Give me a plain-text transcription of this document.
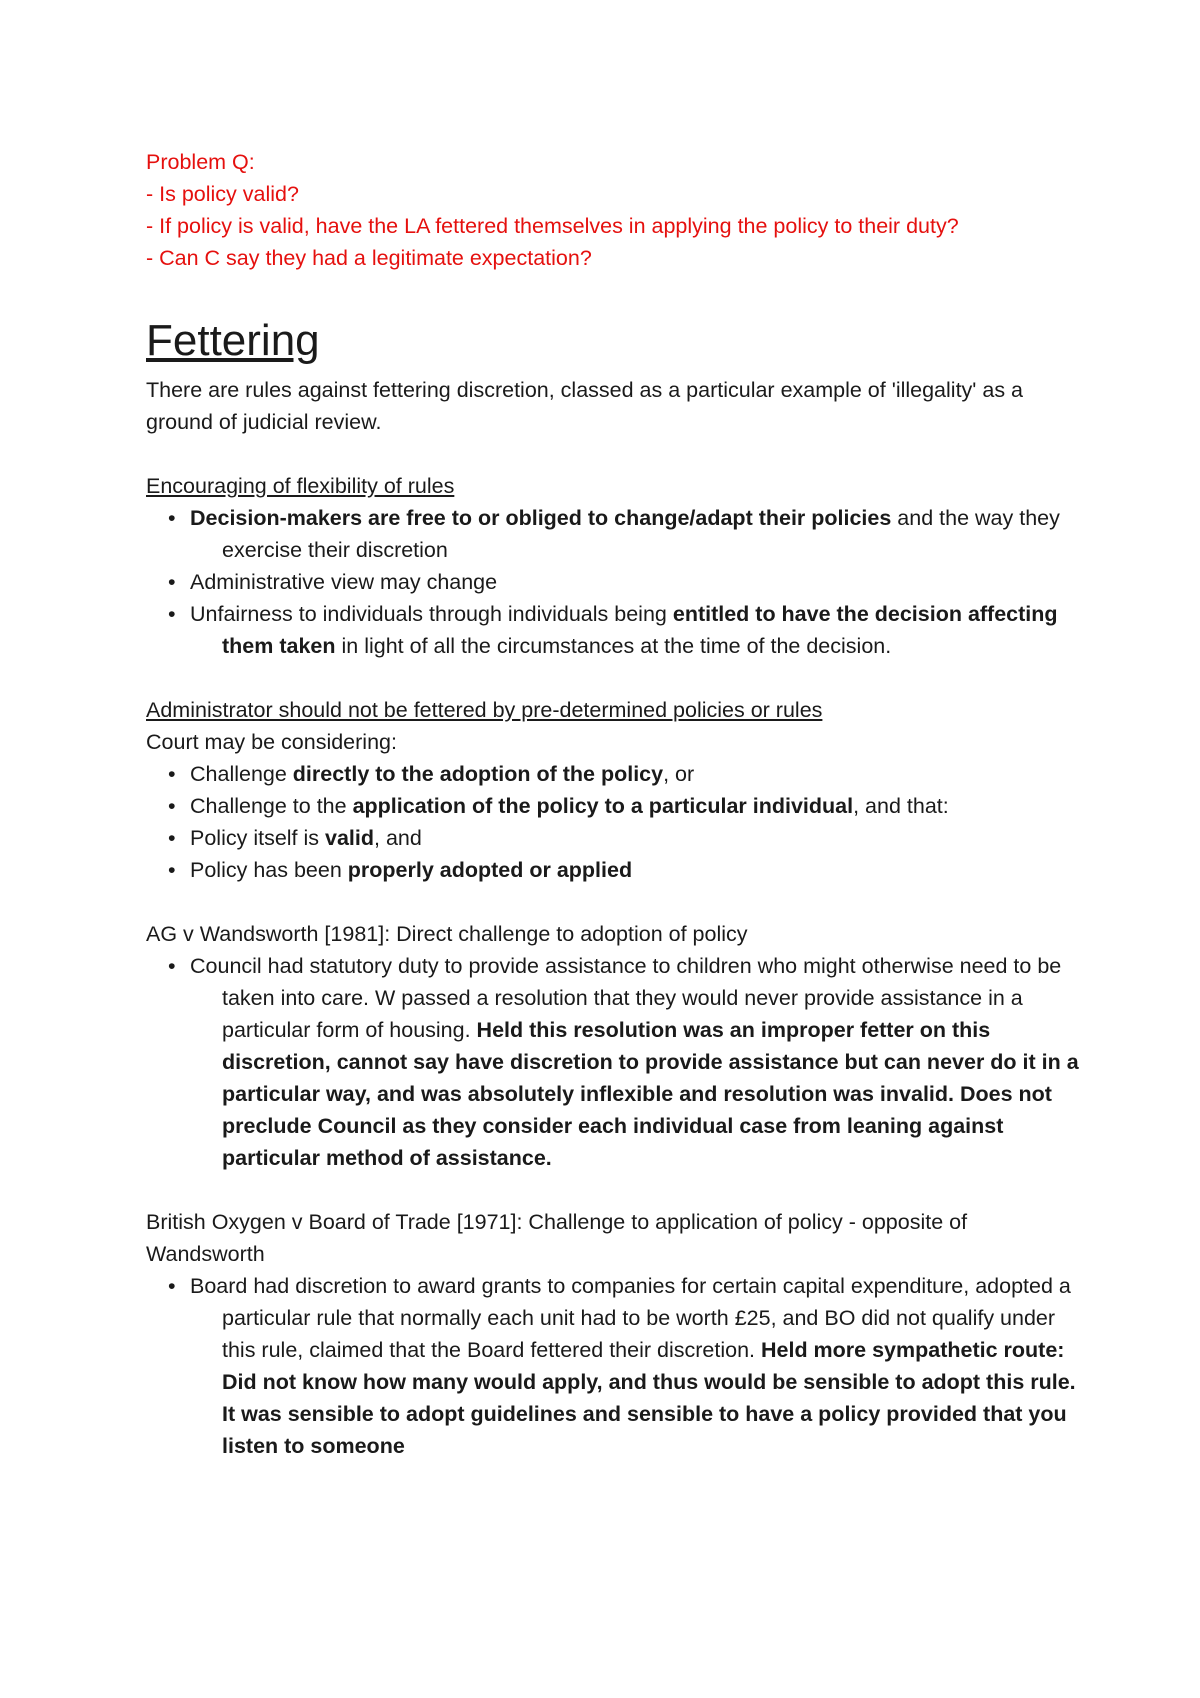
Problem Q:

- Is policy valid?

- If policy is valid, have the LA fettered themselves in applying the policy to their duty?

- Can C say they had a legitimate expectation?

Fettering

There are rules against fettering discretion, classed as a particular example of 'illegality' as a ground of judicial review.

Encouraging of flexibility of rules

• Decision-makers are free to or obliged to change/adapt their policies and the way they exercise their discretion
• Administrative view may change
• Unfairness to individuals through individuals being entitled to have the decision affecting them taken in light of all the circumstances at the time of the decision.

Administrator should not be fettered by pre-determined policies or rules

Court may be considering:

• Challenge directly to the adoption of the policy, or
• Challenge to the application of the policy to a particular individual, and that:
• Policy itself is valid, and
• Policy has been properly adopted or applied

AG v Wandsworth [1981]: Direct challenge to adoption of policy

• Council had statutory duty to provide assistance to children who might otherwise need to be taken into care. W passed a resolution that they would never provide assistance in a particular form of housing. Held this resolution was an improper fetter on this discretion, cannot say have discretion to provide assistance but can never do it in a particular way, and was absolutely inflexible and resolution was invalid. Does not preclude Council as they consider each individual case from leaning against particular method of assistance.

British Oxygen v Board of Trade [1971]: Challenge to application of policy - opposite of Wandsworth

• Board had discretion to award grants to companies for certain capital expenditure, adopted a particular rule that normally each unit had to be worth £25, and BO did not qualify under this rule, claimed that the Board fettered their discretion. Held more sympathetic route: Did not know how many would apply, and thus would be sensible to adopt this rule. It was sensible to adopt guidelines and sensible to have a policy provided that you listen to someone
